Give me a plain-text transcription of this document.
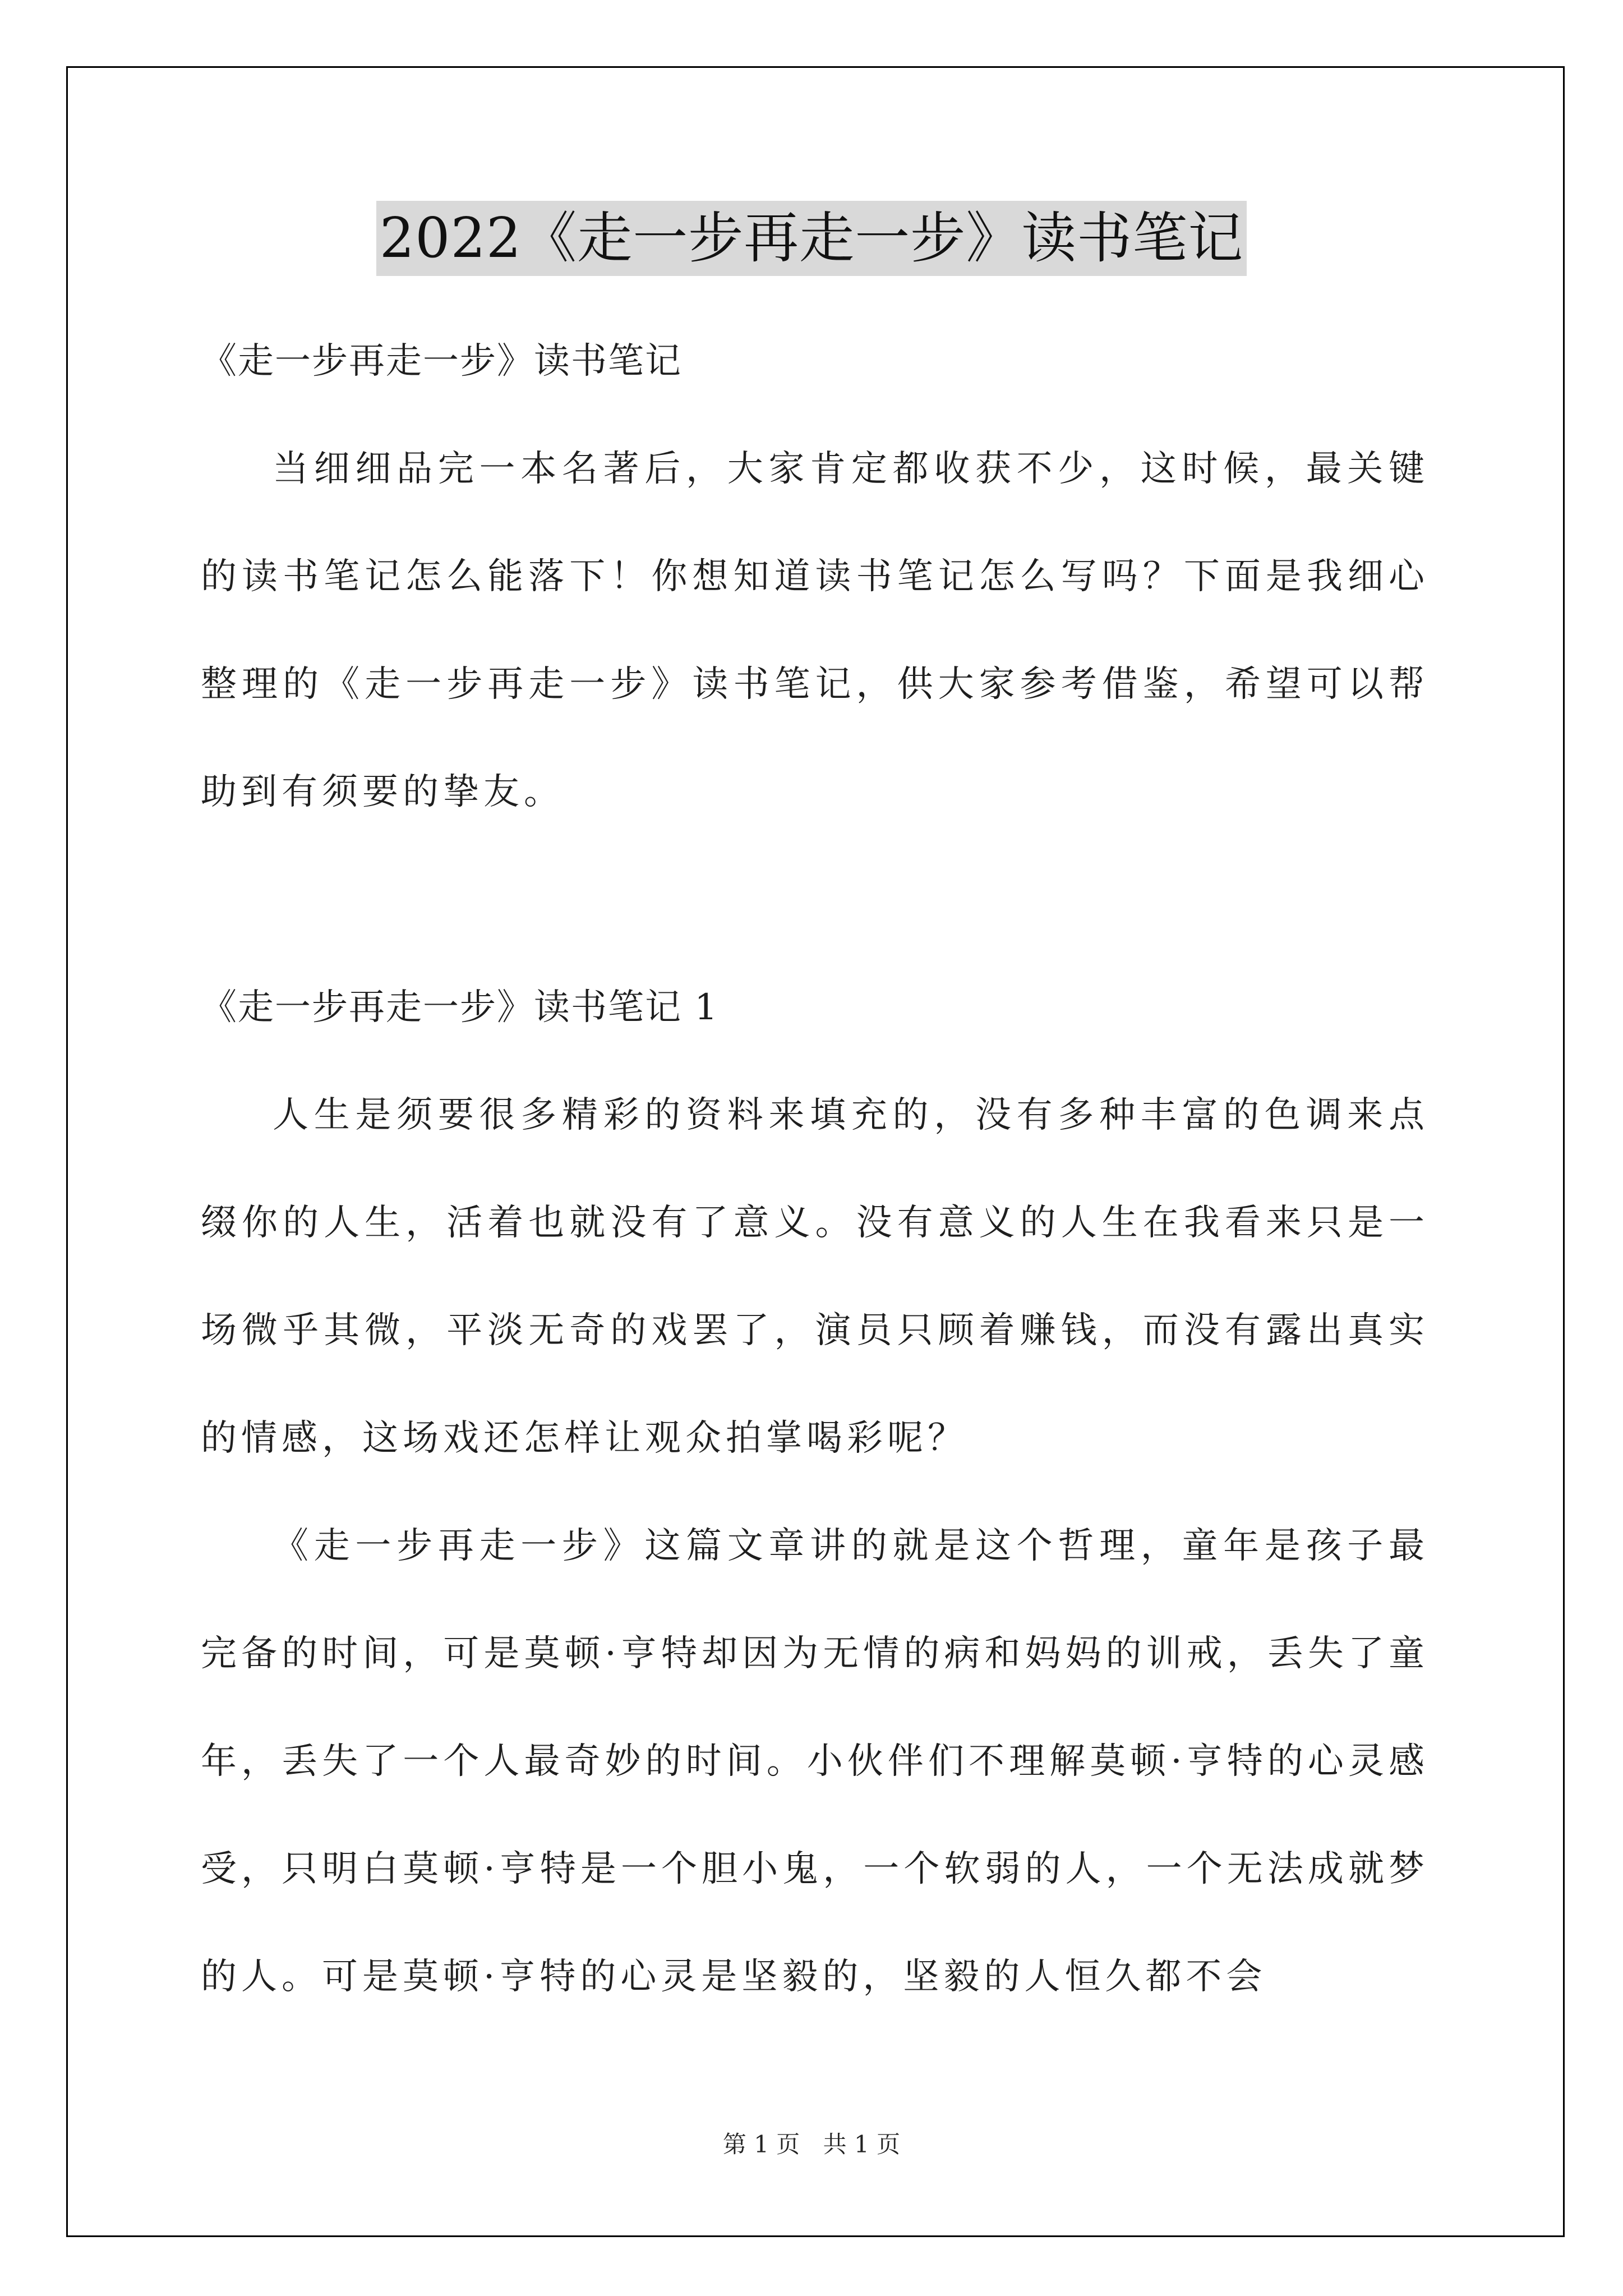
2022《走一步再走一步》读书笔记

《走一步再走一步》读书笔记

当细细品完一本名著后，大家肯定都收获不少，这时候，最关键的读书笔记怎么能落下！你想知道读书笔记怎么写吗？下面是我细心整理的《走一步再走一步》读书笔记，供大家参考借鉴，希望可以帮助到有须要的挚友。

《走一步再走一步》读书笔记 1

人生是须要很多精彩的资料来填充的，没有多种丰富的色调来点缀你的人生，活着也就没有了意义。没有意义的人生在我看来只是一场微乎其微，平淡无奇的戏罢了，演员只顾着赚钱，而没有露出真实的情感，这场戏还怎样让观众拍掌喝彩呢？

《走一步再走一步》这篇文章讲的就是这个哲理，童年是孩子最完备的时间，可是莫顿·亨特却因为无情的病和妈妈的训戒，丢失了童年，丢失了一个人最奇妙的时间。小伙伴们不理解莫顿·亨特的心灵感受，只明白莫顿·亨特是一个胆小鬼，一个软弱的人，一个无法成就梦的人。可是莫顿·亨特的心灵是坚毅的，坚毅的人恒久都不会

第 1 页 共 1 页
